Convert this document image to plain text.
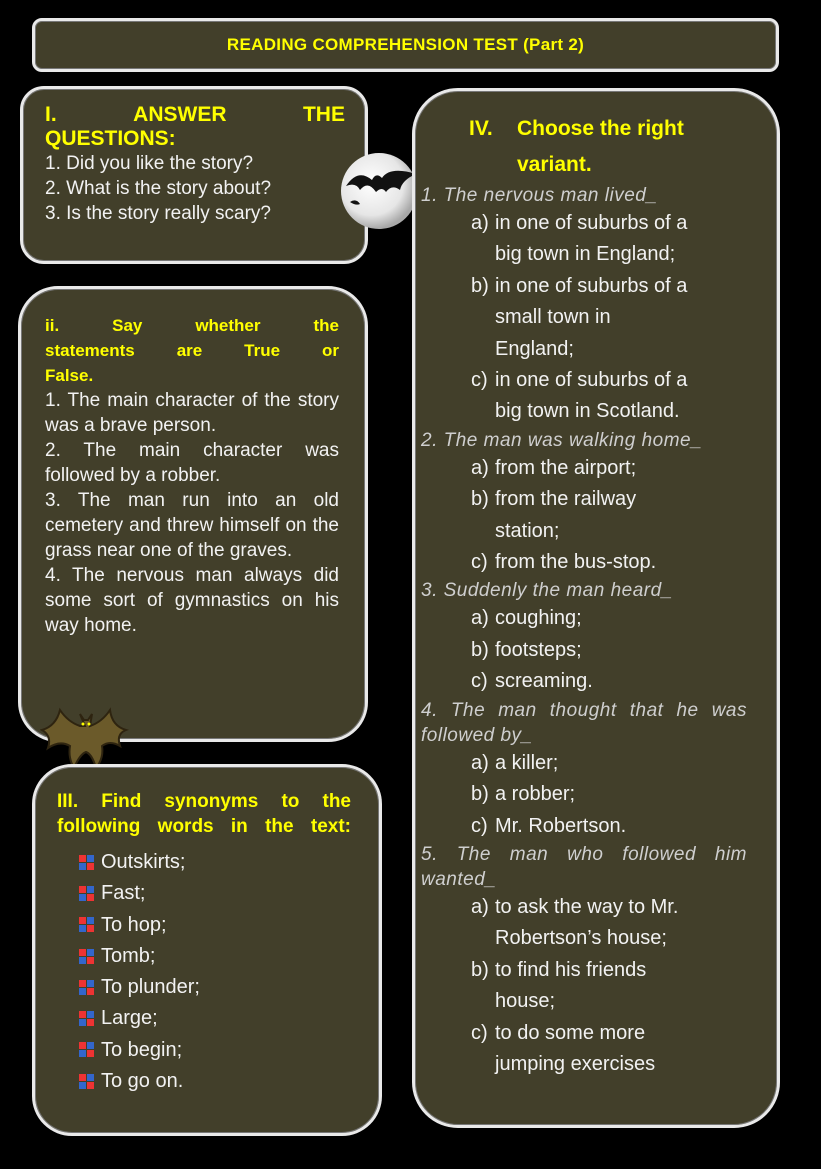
READING COMPREHENSION TEST (Part 2)
I.	ANSWER	THE
QUESTIONS:
1. Did you like the story?
2. What is the story about?
3. Is the story really scary?
ii.	Say	whether	the
statements are True or
False.
1. The main character of the story was a brave person.
2. The main character was followed by a robber.
3. The man run into an old cemetery and threw himself on the grass near one of the graves.
4. The nervous man always did some sort of gymnastics on his way home.
III. Find synonyms to the following words in the text:
Outskirts;
Fast;
To hop;
Tomb;
To plunder;
Large;
To begin;
To go on.
IV.	Choose the right
variant.
1. The nervous man lived_
a) in one of suburbs of a
big town in England;
b) in one of suburbs of a
small town in
England;
c) in one of suburbs of a
big town in Scotland.
2. The man was walking home_
a) from the airport;
b) from the railway
station;
c) from the bus-stop.
3. Suddenly the man heard_
a) coughing;
b) footsteps;
c) screaming.
4. The man thought that he was followed by_
a) a killer;
b) a robber;
c) Mr. Robertson.
5. The man who followed him wanted_
a) to ask the way to Mr.
Robertson’s house;
b) to find his friends
house;
c) to do some more
jumping exercises
